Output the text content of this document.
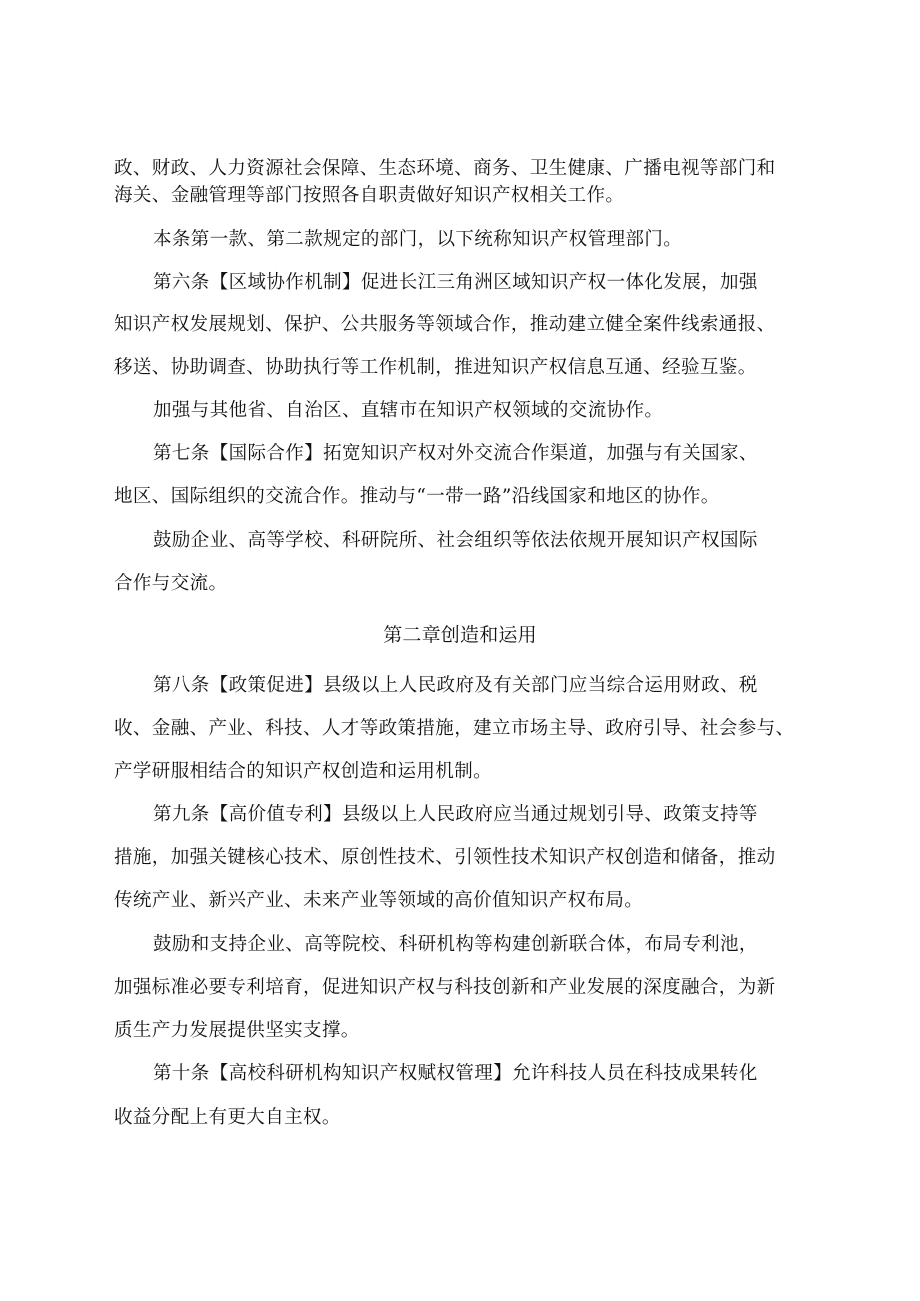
政、财政、人力资源社会保障、生态环境、商务、卫生健康、广播电视等部门和
海关、金融管理等部门按照各自职责做好知识产权相关工作。
本条第一款、第二款规定的部门，以下统称知识产权管理部门。
第六条【区域协作机制】促进长江三角洲区域知识产权一体化发展，加强
知识产权发展规划、保护、公共服务等领域合作，推动建立健全案件线索通报、
移送、协助调查、协助执行等工作机制，推进知识产权信息互通、经验互鉴。
加强与其他省、自治区、直辖市在知识产权领域的交流协作。
第七条【国际合作】拓宽知识产权对外交流合作渠道，加强与有关国家、
地区、国际组织的交流合作。推动与“一带一路”沿线国家和地区的协作。
鼓励企业、高等学校、科研院所、社会组织等依法依规开展知识产权国际
合作与交流。
第二章创造和运用
第八条【政策促进】县级以上人民政府及有关部门应当综合运用财政、税
收、金融、产业、科技、人才等政策措施，建立市场主导、政府引导、社会参与、
产学研服相结合的知识产权创造和运用机制。
第九条【高价值专利】县级以上人民政府应当通过规划引导、政策支持等
措施，加强关键核心技术、原创性技术、引领性技术知识产权创造和储备，推动
传统产业、新兴产业、未来产业等领域的高价值知识产权布局。
鼓励和支持企业、高等院校、科研机构等构建创新联合体，布局专利池，
加强标准必要专利培育，促进知识产权与科技创新和产业发展的深度融合，为新
质生产力发展提供坚实支撑。
第十条【高校科研机构知识产权赋权管理】允许科技人员在科技成果转化
收益分配上有更大自主权。
